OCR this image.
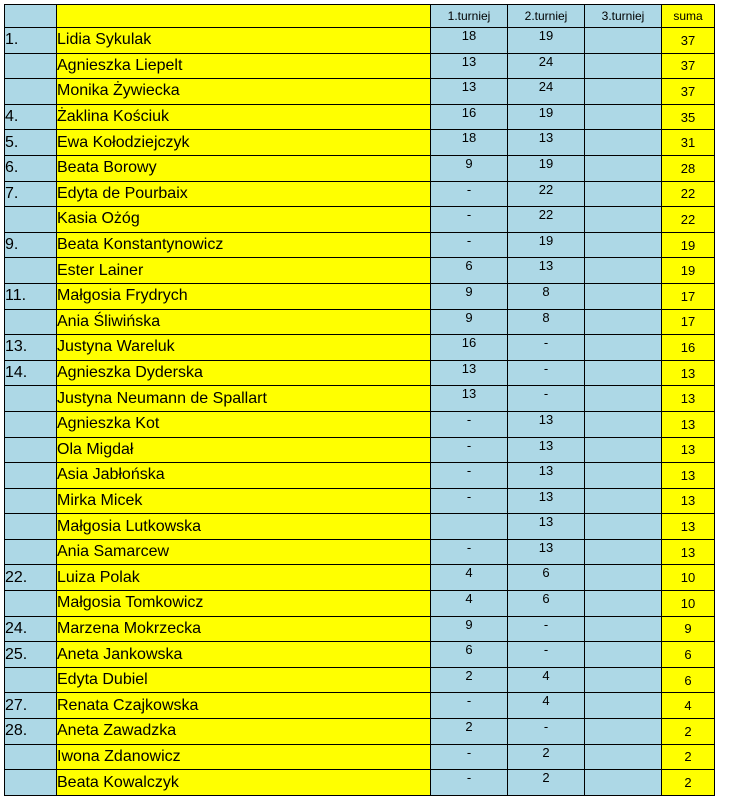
		1.turniej	2.turniej	3.turniej	suma
1.	Lidia Sykulak	18	19		37
	Agnieszka Liepelt	13	24		37
	Monika Żywiecka	13	24		37
4.	Żaklina Kościuk	16	19		35
5.	Ewa Kołodziejczyk	18	13		31
6.	Beata Borowy	9	19		28
7.	Edyta de Pourbaix	-	22		22
	Kasia Ożóg	-	22		22
9.	Beata Konstantynowicz	-	19		19
	Ester Lainer	6	13		19
11.	Małgosia Frydrych	9	8		17
	Ania Śliwińska	9	8		17
13.	Justyna Wareluk	16	-		16
14.	Agnieszka Dyderska	13	-		13
	Justyna Neumann de Spallart	13	-		13
	Agnieszka Kot	-	13		13
	Ola Migdał	-	13		13
	Asia Jabłońska	-	13		13
	Mirka Micek	-	13		13
	Małgosia Lutkowska		13		13
	Ania Samarcew	-	13		13
22.	Luiza Polak	4	6		10
	Małgosia Tomkowicz	4	6		10
24.	Marzena Mokrzecka	9	-		9
25.	Aneta Jankowska	6	-		6
	Edyta Dubiel	2	4		6
27.	Renata Czajkowska	-	4		4
28.	Aneta Zawadzka	2	-		2
	Iwona Zdanowicz	-	2		2
	Beata Kowalczyk	-	2		2
